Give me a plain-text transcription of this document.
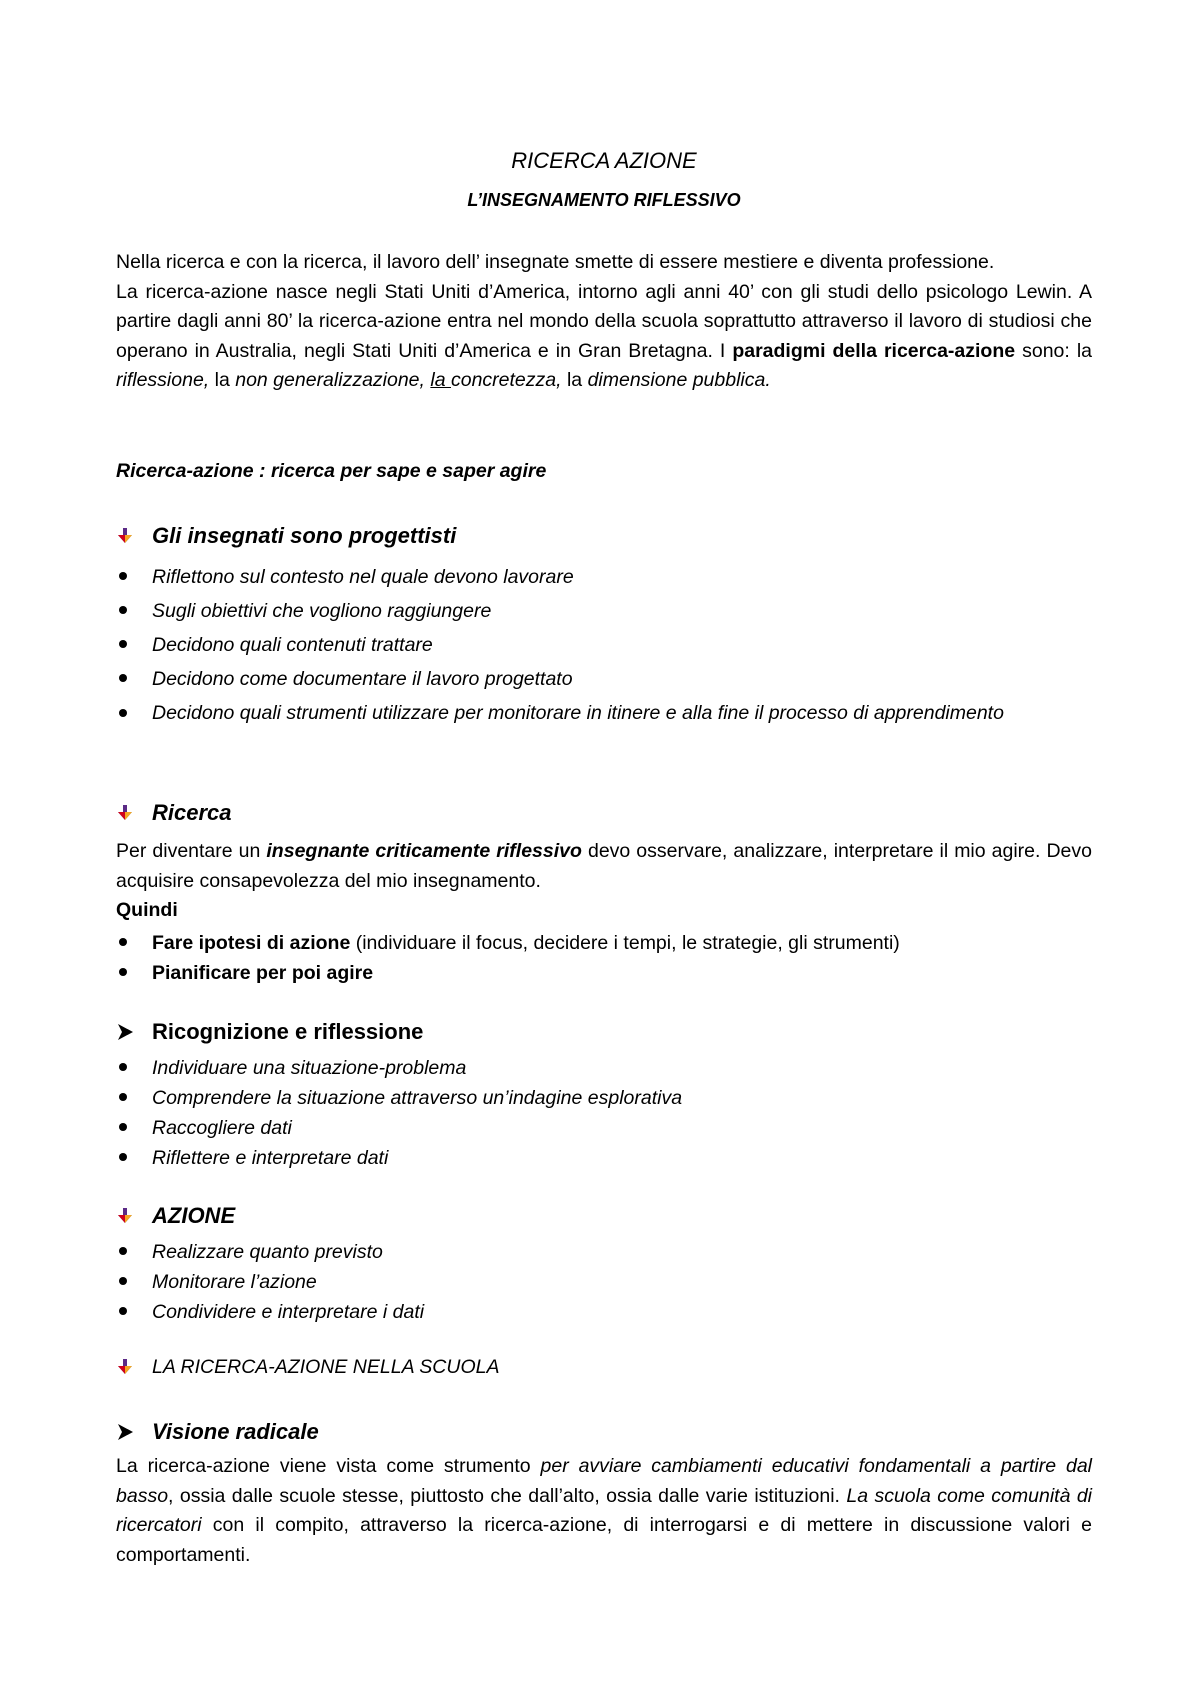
RICERCA AZIONE
L’INSEGNAMENTO RIFLESSIVO
Nella ricerca e con la ricerca, il lavoro dell’ insegnate smette di essere mestiere e diventa professione.
La ricerca-azione nasce negli Stati Uniti d’America, intorno agli anni 40’ con gli studi dello psicologo Lewin. A partire dagli anni 80’ la ricerca-azione entra nel mondo della scuola soprattutto attraverso il lavoro di studiosi che operano in Australia, negli Stati Uniti d’America e in Gran Bretagna. I paradigmi della ricerca-azione sono: la riflessione, la non generalizzazione, la concretezza, la dimensione pubblica.
Ricerca-azione : ricerca per sape e saper agire
Gli insegnati sono progettisti
Riflettono sul contesto nel quale devono lavorare
Sugli obiettivi che vogliono raggiungere
Decidono quali contenuti trattare
Decidono come documentare il lavoro progettato
Decidono quali strumenti utilizzare per monitorare in itinere e alla fine il processo di apprendimento
Ricerca
Per diventare un insegnante criticamente riflessivo devo osservare, analizzare, interpretare il mio agire. Devo acquisire consapevolezza del mio insegnamento.
Quindi
Fare ipotesi di azione (individuare il focus, decidere i tempi, le strategie, gli strumenti)
Pianificare per poi agire
Ricognizione e riflessione
Individuare una situazione-problema
Comprendere la situazione attraverso un’indagine esplorativa
Raccogliere dati
Riflettere e interpretare dati
AZIONE
Realizzare quanto previsto
Monitorare l’azione
Condividere e interpretare i dati
LA RICERCA-AZIONE NELLA SCUOLA
Visione radicale
La ricerca-azione viene vista come strumento per avviare cambiamenti educativi fondamentali a partire dal basso, ossia dalle scuole stesse, piuttosto che dall’alto, ossia dalle varie istituzioni. La scuola come comunità di ricercatori con il compito, attraverso la ricerca-azione, di interrogarsi e di mettere in discussione valori e comportamenti.
